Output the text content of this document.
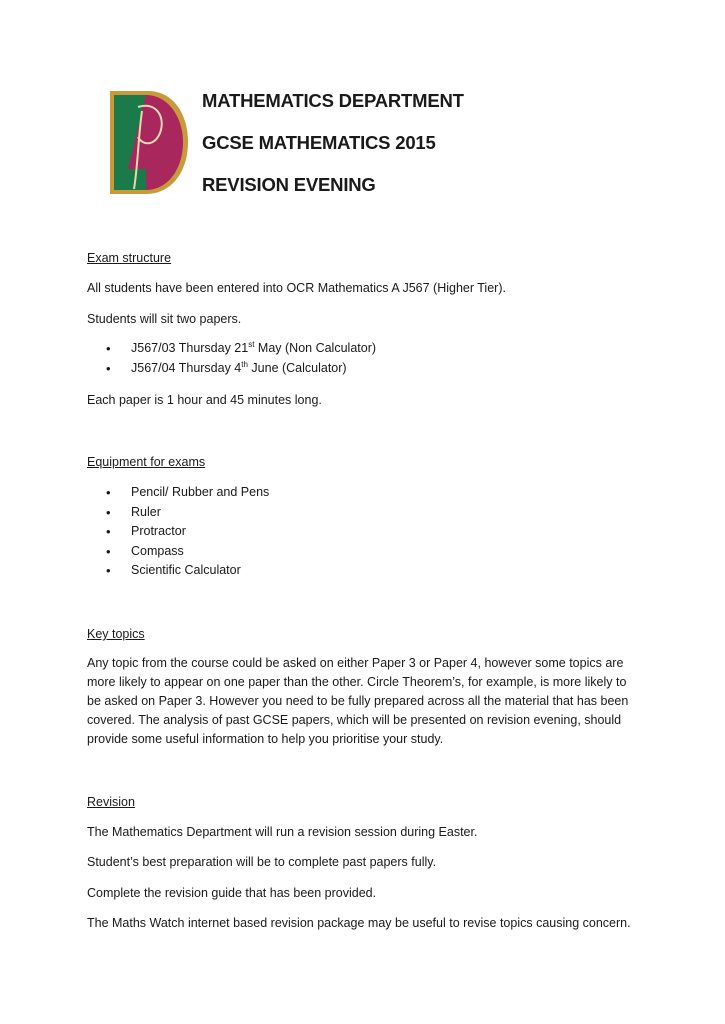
MATHEMATICS DEPARTMENT
GCSE MATHEMATICS 2015
REVISION EVENING
Exam structure
All students have been entered into OCR Mathematics A J567 (Higher Tier).
Students will sit two papers.
• J567/03 Thursday 21st May (Non Calculator)
• J567/04 Thursday 4th June (Calculator)
Each paper is 1 hour and 45 minutes long.
Equipment for exams
• Pencil/ Rubber and Pens
• Ruler
• Protractor
• Compass
• Scientific Calculator
Key topics
Any topic from the course could be asked on either Paper 3 or Paper 4, however some topics are
more likely to appear on one paper than the other. Circle Theorem’s, for example, is more likely to
be asked on Paper 3. However you need to be fully prepared across all the material that has been
covered. The analysis of past GCSE papers, which will be presented on revision evening, should
provide some useful information to help you prioritise your study.
Revision
The Mathematics Department will run a revision session during Easter.
Student’s best preparation will be to complete past papers fully.
Complete the revision guide that has been provided.
The Maths Watch internet based revision package may be useful to revise topics causing concern.
